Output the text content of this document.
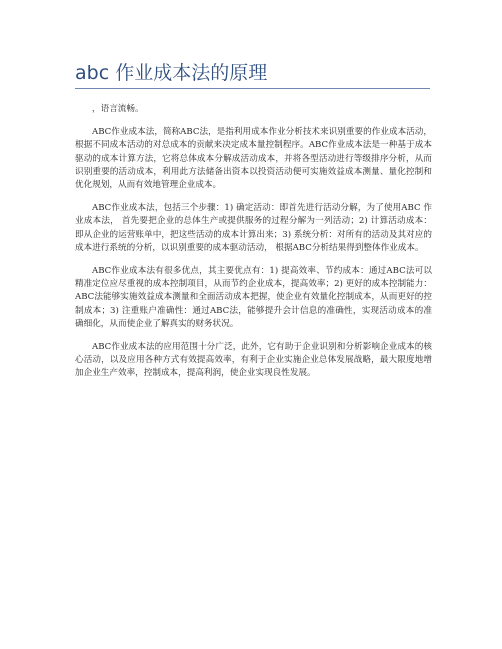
abc 作业成本法的原理

，语言流畅。

ABC作业成本法，简称ABC法，是指利用成本作业分析技术来识别重要的作业成本活动，根据不同成本活动的对总成本的贡献来决定成本量控制程序。ABC作业成本法是一种基于成本驱动的成本计算方法，它将总体成本分解成活动成本，并将各型活动进行等级排序分析，从而识别重要的活动成本，利用此方法储备出资本以投资活动便可实施效益成本测量、量化控制和优化规划，从而有效地管理企业成本。

ABC作业成本法，包括三个步骤：1) 确定活动：即首先进行活动分解，为了使用ABC 作业成本法， 首先要把企业的总体生产或提供服务的过程分解为一列活动；2) 计算活动成本：即从企业的运营账单中，把这些活动的成本计算出来；3) 系统分析：对所有的活动及其对应的成本进行系统的分析，以识别重要的成本驱动活动， 根据ABC分析结果得到整体作业成本。

ABC作业成本法有很多优点，其主要优点有：1) 提高效率、节约成本：通过ABC法可以精准定位应尽重视的成本控制项目，从而节约企业成本，提高效率；2) 更好的成本控制能力：ABC法能够实施效益成本测量和全面活动成本把握，使企业有效量化控制成本，从而更好的控制成本；3) 注重账户准确性：通过ABC法，能够提升会计信息的准确性，实现活动成本的准确细化，从而使企业了解真实的财务状况。

ABC作业成本法的应用范围十分广泛，此外，它有助于企业识别和分析影响企业成本的核心活动，以及应用各种方式有效提高效率，有利于企业实施企业总体发展战略，最大限度地增加企业生产效率，控制成本，提高利润，使企业实现良性发展。
